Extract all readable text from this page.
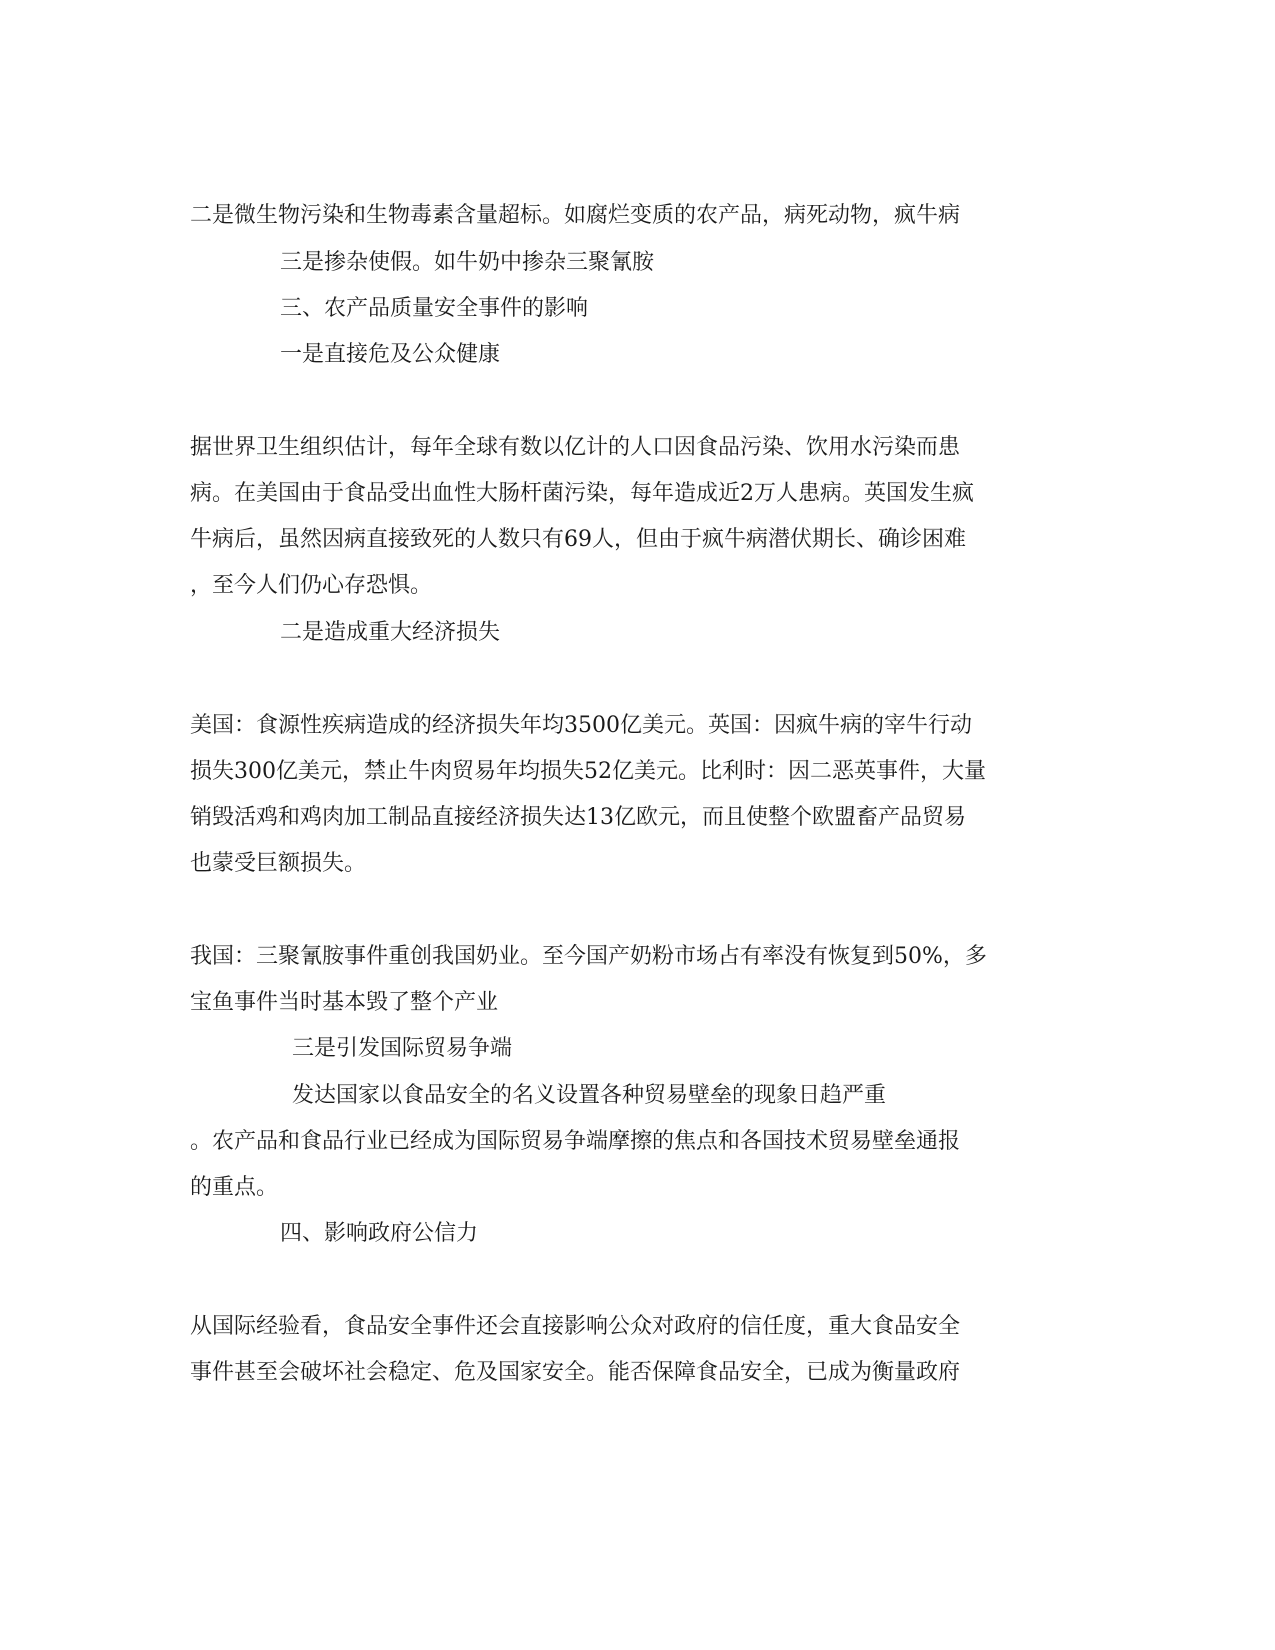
二是微生物污染和生物毒素含量超标。如腐烂变质的农产品，病死动物，疯牛病
三是掺杂使假。如牛奶中掺杂三聚氰胺
三、农产品质量安全事件的影响
一是直接危及公众健康
据世界卫生组织估计，每年全球有数以亿计的人口因食品污染、饮用水污染而患
病。在美国由于食品受出血性大肠杆菌污染，每年造成近2万人患病。英国发生疯
牛病后，虽然因病直接致死的人数只有69人，但由于疯牛病潜伏期长、确诊困难
，至今人们仍心存恐惧。
二是造成重大经济损失
美国：食源性疾病造成的经济损失年均3500亿美元。英国：因疯牛病的宰牛行动
损失300亿美元，禁止牛肉贸易年均损失52亿美元。比利时：因二恶英事件，大量
销毁活鸡和鸡肉加工制品直接经济损失达13亿欧元，而且使整个欧盟畜产品贸易
也蒙受巨额损失。
我国：三聚氰胺事件重创我国奶业。至今国产奶粉市场占有率没有恢复到50%，多
宝鱼事件当时基本毁了整个产业
三是引发国际贸易争端
发达国家以食品安全的名义设置各种贸易壁垒的现象日趋严重
。农产品和食品行业已经成为国际贸易争端摩擦的焦点和各国技术贸易壁垒通报
的重点。
四、影响政府公信力
从国际经验看，食品安全事件还会直接影响公众对政府的信任度，重大食品安全
事件甚至会破坏社会稳定、危及国家安全。能否保障食品安全，已成为衡量政府
